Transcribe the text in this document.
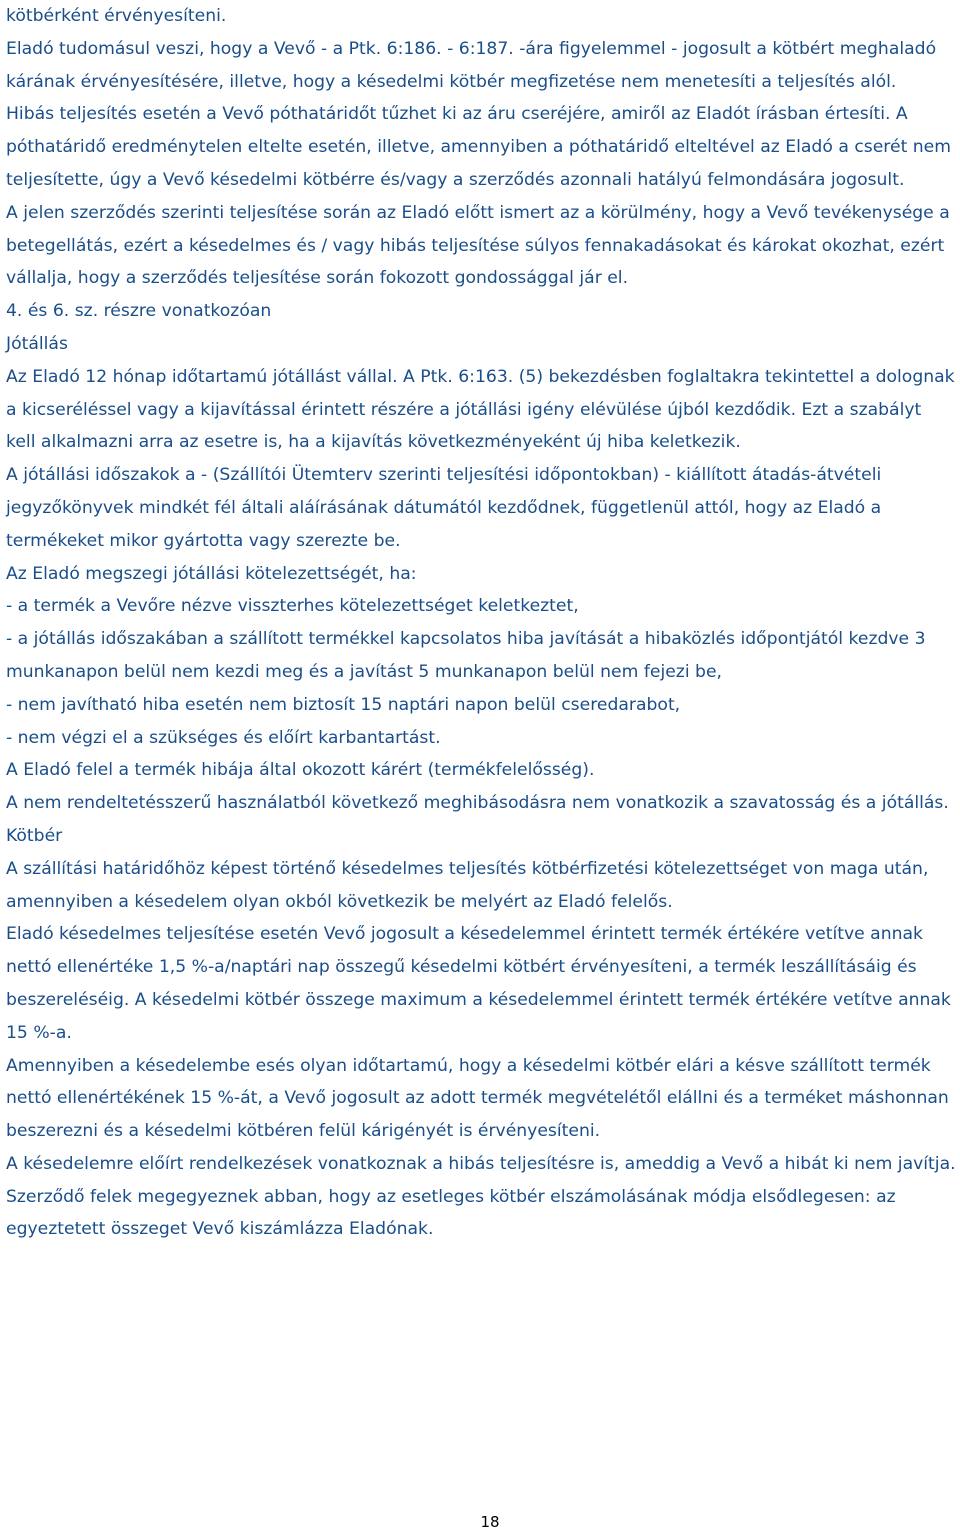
kötbérként érvényesíteni.

Eladó tudomásul veszi, hogy a Vevő - a Ptk. 6:186. - 6:187. -ára figyelemmel - jogosult a kötbért meghaladó kárának érvényesítésére, illetve, hogy a késedelmi kötbér megfizetése nem menetesíti a teljesítés alól.

Hibás teljesítés esetén a Vevő póthatáridőt tűzhet ki az áru cseréjére, amiről az Eladót írásban értesíti. A póthatáridő eredménytelen eltelte esetén, illetve, amennyiben a póthatáridő elteltével az Eladó a cserét nem teljesítette, úgy a Vevő késedelmi kötbérre és/vagy a szerződés azonnali hatályú felmondására jogosult.

A jelen szerződés szerinti teljesítése során az Eladó előtt ismert az a körülmény, hogy a Vevő tevékenysége a betegellátás, ezért a késedelmes és / vagy hibás teljesítése súlyos fennakadásokat és károkat okozhat, ezért vállalja, hogy a szerződés teljesítése során fokozott gondossággal jár el.

4. és 6. sz. részre vonatkozóan

Jótállás

Az Eladó 12 hónap időtartamú jótállást vállal. A Ptk. 6:163. (5) bekezdésben foglaltakra tekintettel a dolognak a kicseréléssel vagy a kijavítással érintett részére a jótállási igény elévülése újból kezdődik. Ezt a szabályt kell alkalmazni arra az esetre is, ha a kijavítás következményeként új hiba keletkezik.

A jótállási időszakok a - (Szállítói Ütemterv szerinti teljesítési időpontokban) - kiállított átadás-átvételi jegyzőkönyvek mindkét fél általi aláírásának dátumától kezdődnek, függetlenül attól, hogy az Eladó a termékeket mikor gyártotta vagy szerezte be.

Az Eladó megszegi jótállási kötelezettségét, ha:

- a termék a Vevőre nézve visszterhes kötelezettséget keletkeztet,

- a jótállás időszakában a szállított termékkel kapcsolatos hiba javítását a hibaközlés időpontjától kezdve 3 munkanapon belül nem kezdi meg és a javítást 5 munkanapon belül nem fejezi be,

- nem javítható hiba esetén nem biztosít 15 naptári napon belül cseredarabot,

- nem végzi el a szükséges és előírt karbantartást.

A Eladó felel a termék hibája által okozott kárért (termékfelelősség).

A nem rendeltetésszerű használatból következő meghibásodásra nem vonatkozik a szavatosság és a jótállás.

Kötbér

A szállítási határidőhöz képest történő késedelmes teljesítés kötbérfizetési kötelezettséget von maga után, amennyiben a késedelem olyan okból következik be melyért az Eladó felelős.

Eladó késedelmes teljesítése esetén Vevő jogosult a késedelemmel érintett termék értékére vetítve annak nettó ellenértéke 1,5 %-a/naptári nap összegű késedelmi kötbért érvényesíteni, a termék leszállításáig és beszereléséig. A késedelmi kötbér összege maximum a késedelemmel érintett termék értékére vetítve annak 15 %-a.

Amennyiben a késedelembe esés olyan időtartamú, hogy a késedelmi kötbér elári a késve szállított termék nettó ellenértékének 15 %-át, a Vevő jogosult az adott termék megvételétől elállni és a terméket máshonnan beszerezni és a késedelmi kötbéren felül kárigényét is érvényesíteni.

A késedelemre előírt rendelkezések vonatkoznak a hibás teljesítésre is, ameddig a Vevő a hibát ki nem javítja.

Szerződő felek megegyeznek abban, hogy az esetleges kötbér elszámolásának módja elsődlegesen: az egyeztetett összeget Vevő kiszámlázza Eladónak.

18
